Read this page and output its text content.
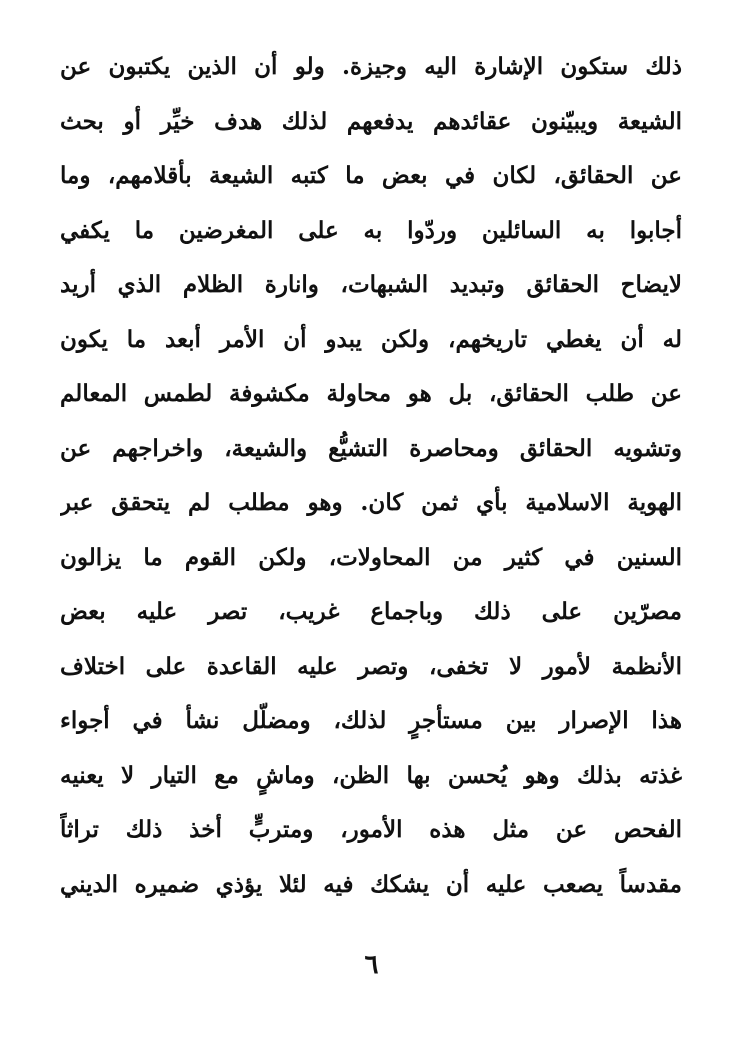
ذلك ستكون الإشارة اليه وجيزة. ولو أن الذين يكتبون عن
الشيعة ويبيّنون عقائدهم يدفعهم لذلك هدف خيِّر أو بحث
عن الحقائق، لكان في بعض ما كتبه الشيعة بأقلامهم، وما
أجابوا به السائلين وردّوا به على المغرضين ما يكفي
لايضاح الحقائق وتبديد الشبهات، وانارة الظلام الذي أريد
له أن يغطي تاريخهم، ولكن يبدو أن الأمر أبعد ما يكون
عن طلب الحقائق، بل هو محاولة مكشوفة لطمس المعالم
وتشويه الحقائق ومحاصرة التشيُّع والشيعة، واخراجهم عن
الهوية الاسلامية بأي ثمن كان. وهو مطلب لم يتحقق عبر
السنين في كثير من المحاولات، ولكن القوم ما يزالون
مصرّين على ذلك وباجماع غريب، تصر عليه بعض
الأنظمة لأمور لا تخفى، وتصر عليه القاعدة على اختلاف
هذا الإصرار بين مستأجرٍ لذلك، ومضلّل نشأ في أجواء
غذته بذلك وهو يُحسن بها الظن، وماشٍ مع التيار لا يعنيه
الفحص عن مثل هذه الأمور، ومتربٍّ أخذ ذلك تراثاً
مقدساً يصعب عليه أن يشكك فيه لئلا يؤذي ضميره الديني
٦
